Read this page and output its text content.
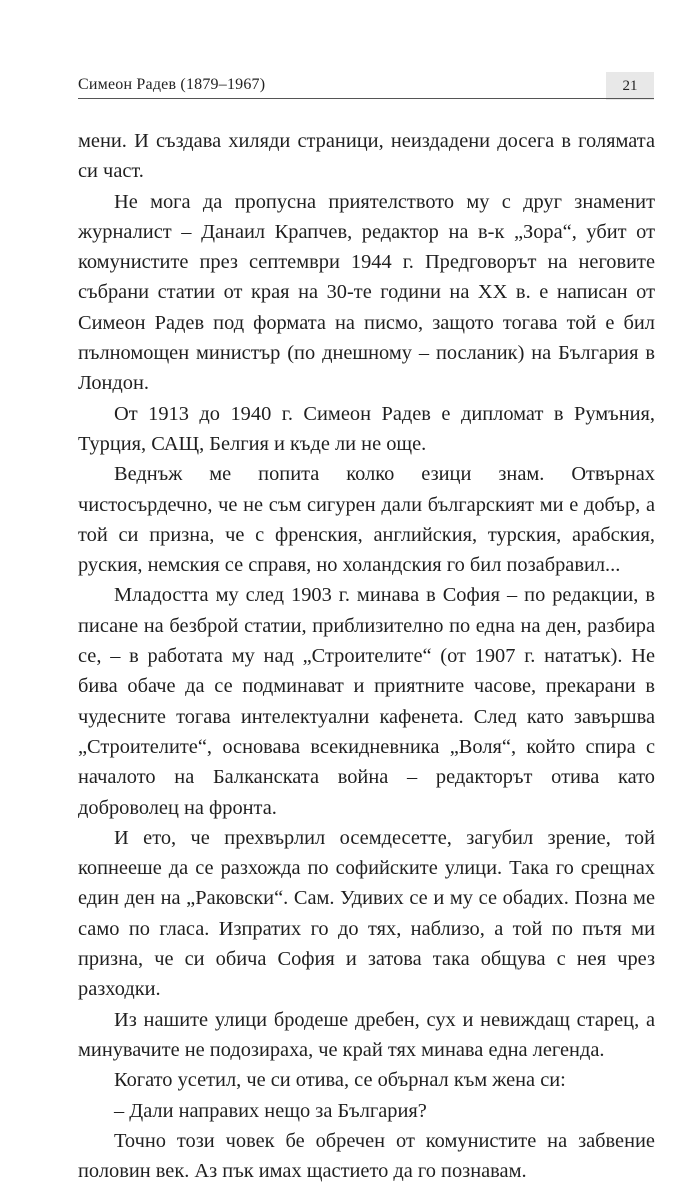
Симеон Радев (1879–1967)	21

мени. И създава хиляди страници, неиздадени досега в голямата си част.

Не мога да пропусна приятелството му с друг знаменит журналист – Данаил Крапчев, редактор на в-к „Зора“, убит от комунистите през септември 1944 г. Предговорът на неговите събрани статии от края на 30-те години на XX в. е написан от Симеон Радев под формата на писмо, защото тогава той е бил пълномощен министър (по днешному – посланик) на България в Лондон.

От 1913 до 1940 г. Симеон Радев е дипломат в Румъния, Турция, САЩ, Белгия и къде ли не още.

Веднъж ме попита колко езици знам. Отвърнах чистосърдечно, че не съм сигурен дали българският ми е добър, а той си призна, че с френския, английския, турския, арабския, руския, немския се справя, но холандския го бил позабравил...

Младостта му след 1903 г. минава в София – по редакции, в писане на безброй статии, приблизително по една на ден, разбира се, – в работата му над „Строителите“ (от 1907 г. нататък). Не бива обаче да се подминават и приятните часове, прекарани в чудесните тогава интелектуални кафенета. След като завършва „Строителите“, основава всекидневника „Воля“, който спира с началото на Балканската война – редакторът отива като доброволец на фронта.

И ето, че прехвърлил осемдесетте, загубил зрение, той копнееше да се разхожда по софийските улици. Така го срещнах един ден на „Раковски“. Сам. Удивих се и му се обадих. Позна ме само по гласа. Изпратих го до тях, наблизо, а той по пътя ми призна, че си обича София и затова така общува с нея чрез разходки.

Из нашите улици бродеше дребен, сух и невиждащ старец, а минувачите не подозираха, че край тях минава една легенда.

Когато усетил, че си отива, се обърнал към жена си:

– Дали направих нещо за България?

Точно този човек бе обречен от комунистите на забвение половин век. Аз пък имах щастието да го познавам.
